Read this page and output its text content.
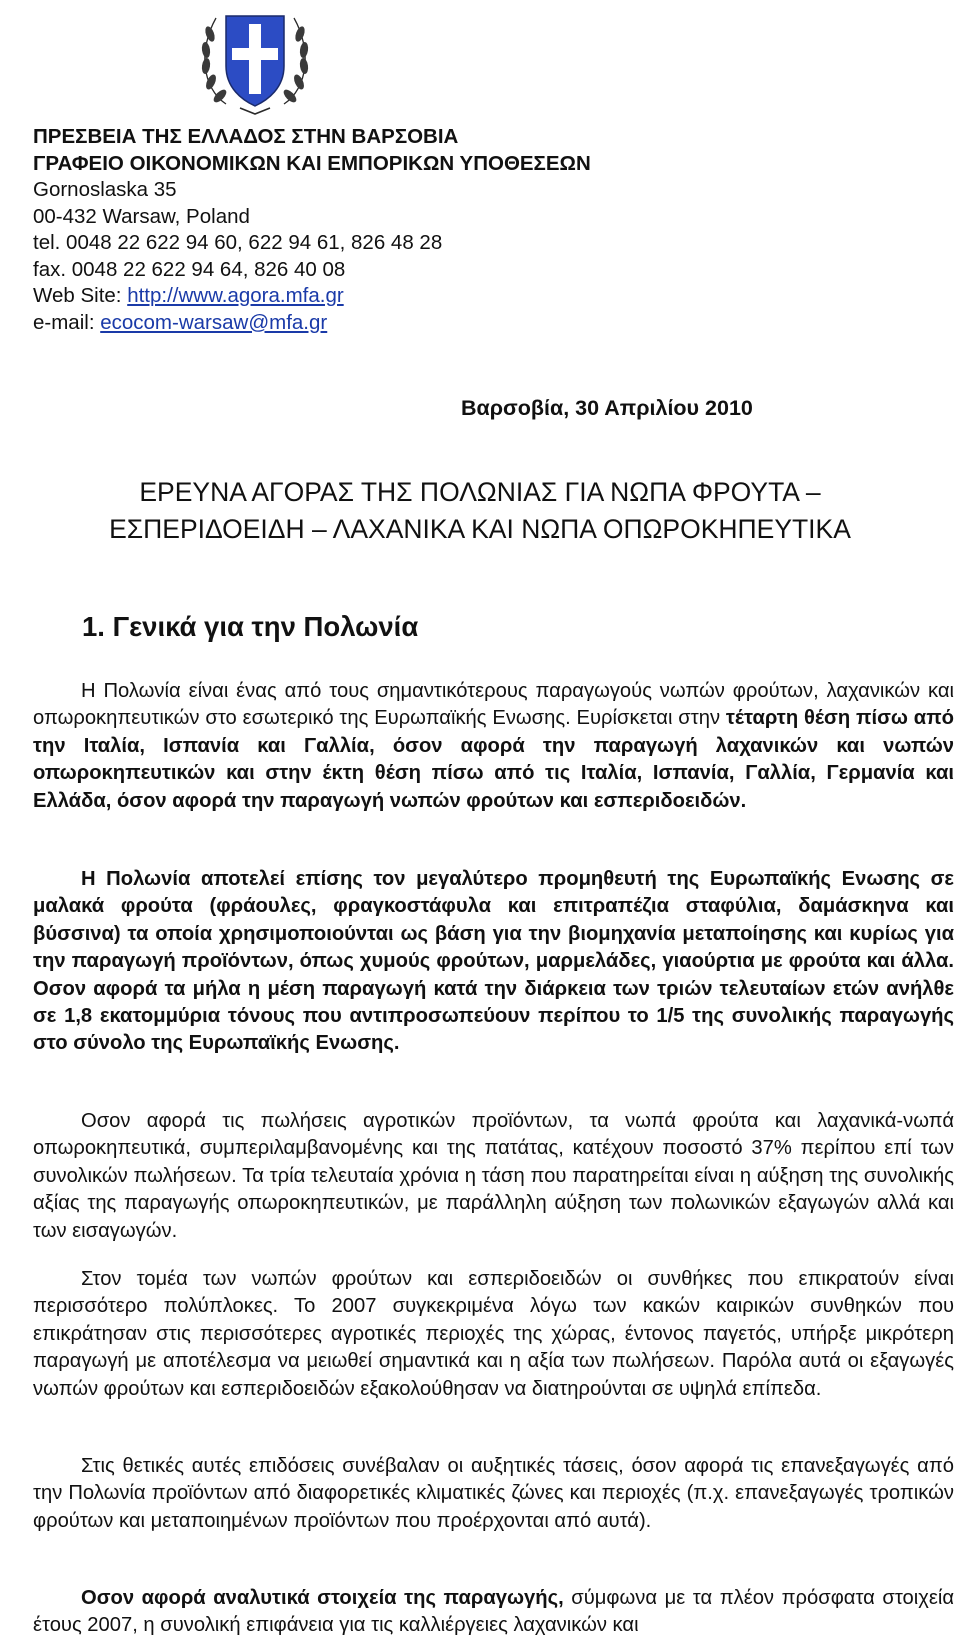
ΠΡΕΣΒΕΙΑ ΤΗΣ ΕΛΛΑΔΟΣ ΣΤΗΝ ΒΑΡΣΟΒΙΑ
ΓΡΑΦΕΙΟ ΟΙΚΟΝΟΜΙΚΩΝ ΚΑΙ ΕΜΠΟΡΙΚΩΝ ΥΠΟΘΕΣΕΩΝ
Gornoslaska 35
00-432 Warsaw, Poland
tel. 0048 22 622 94 60, 622 94 61, 826 48 28
fax. 0048 22 622 94 64, 826 40 08
Web Site: http://www.agora.mfa.gr
e-mail: ecocom-warsaw@mfa.gr
Βαρσοβία, 30 Απριλίου 2010
ΕΡΕΥΝΑ ΑΓΟΡΑΣ ΤΗΣ ΠΟΛΩΝΙΑΣ ΓΙΑ ΝΩΠΑ ΦΡΟΥΤΑ –
ΕΣΠΕΡΙΔΟΕΙΔΗ – ΛΑΧΑΝΙΚΑ ΚΑΙ ΝΩΠΑ ΟΠΩΡΟΚΗΠΕΥΤΙΚΑ
1. Γενικά για την Πολωνία

Η Πολωνία είναι ένας από τους σημαντικότερους παραγωγούς νωπών φρούτων, λαχανικών και οπωροκηπευτικών στο εσωτερικό της Ευρωπαϊκής Ενωσης. Ευρίσκεται στην τέταρτη θέση πίσω από την Ιταλία, Ισπανία και Γαλλία, όσον αφορά την παραγωγή λαχανικών και νωπών οπωροκηπευτικών και στην έκτη θέση πίσω από τις Ιταλία, Ισπανία, Γαλλία, Γερμανία και Ελλάδα, όσον αφορά την παραγωγή νωπών φρούτων και εσπεριδοειδών.

Η Πολωνία αποτελεί επίσης τον μεγαλύτερο προμηθευτή της Ευρωπαϊκής Ενωσης σε μαλακά φρούτα (φράουλες, φραγκοστάφυλα και επιτραπέζια σταφύλια, δαμάσκηνα και βύσσινα) τα οποία χρησιμοποιούνται ως βάση για την βιομηχανία μεταποίησης και κυρίως για την παραγωγή προϊόντων, όπως χυμούς φρούτων, μαρμελάδες, γιαούρτια με φρούτα και άλλα. Οσον αφορά τα μήλα η μέση παραγωγή κατά την διάρκεια των τριών τελευταίων ετών ανήλθε σε 1,8 εκατομμύρια τόνους που αντιπροσωπεύουν περίπου το 1/5 της συνολικής παραγωγής στο σύνολο της Ευρωπαϊκής Ενωσης.

Οσον αφορά τις πωλήσεις αγροτικών προϊόντων, τα νωπά φρούτα και λαχανικά-νωπά οπωροκηπευτικά, συμπεριλαμβανομένης και της πατάτας, κατέχουν ποσοστό 37% περίπου επί των συνολικών πωλήσεων. Τα τρία τελευταία χρόνια η τάση που παρατηρείται είναι η αύξηση της συνολικής αξίας της παραγωγής οπωροκηπευτικών, με παράλληλη αύξηση των πολωνικών εξαγωγών αλλά και των εισαγωγών.

Στον τομέα των νωπών φρούτων και εσπεριδοειδών οι συνθήκες που επικρατούν είναι περισσότερο πολύπλοκες. Το 2007 συγκεκριμένα λόγω των κακών καιρικών συνθηκών που επικράτησαν στις περισσότερες αγροτικές περιοχές της χώρας, έντονος παγετός, υπήρξε μικρότερη παραγωγή με αποτέλεσμα να μειωθεί σημαντικά και η αξία των πωλήσεων. Παρόλα αυτά οι εξαγωγές νωπών φρούτων και εσπεριδοειδών εξακολούθησαν να διατηρούνται σε υψηλά επίπεδα.

Στις θετικές αυτές επιδόσεις συνέβαλαν οι αυξητικές τάσεις, όσον αφορά τις επανεξαγωγές από την Πολωνία προϊόντων από διαφορετικές κλιματικές ζώνες και περιοχές (π.χ. επανεξαγωγές τροπικών φρούτων και μεταποιημένων προϊόντων που προέρχονται από αυτά).

Οσον αφορά αναλυτικά στοιχεία της παραγωγής, σύμφωνα με τα πλέον πρόσφατα στοιχεία έτους 2007, η συνολική επιφάνεια για τις καλλιέργειες λαχανικών και
